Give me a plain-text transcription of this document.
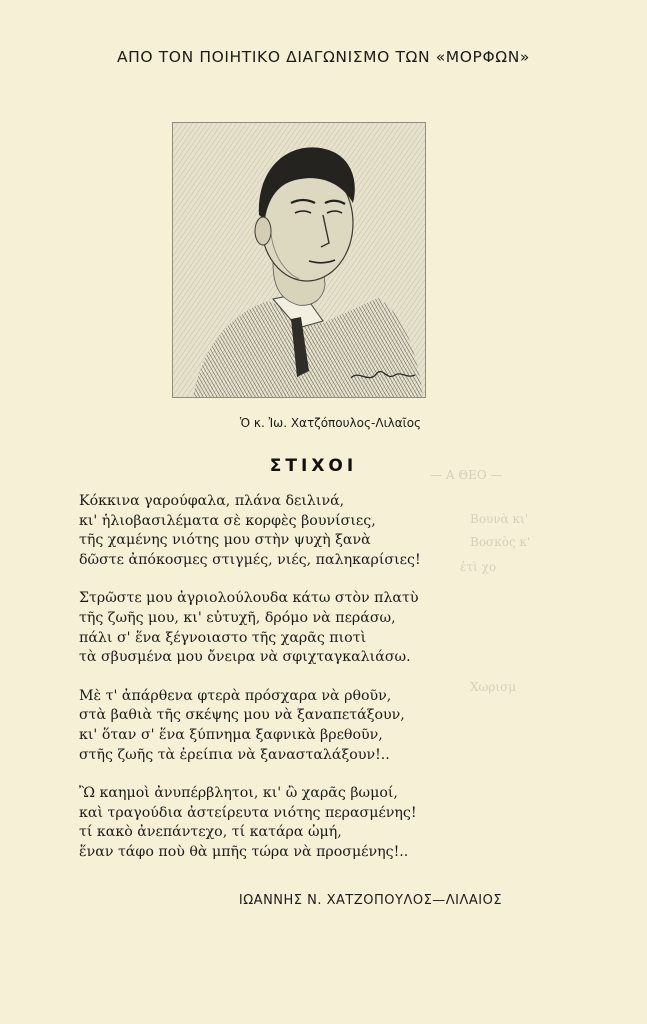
— Α ΘΕΟ —
Βουνὰ κι'
Βοσκὸς κ'
ἑτὶ χο
Χωρισμ
ΑΠΟ ΤΟΝ ΠΟΙΗΤΙΚΟ ΔΙΑΓΩΝΙΣΜΟ ΤΩΝ «ΜΟΡΦΩΝ»
Ὁ κ. Ἰω. Χατζόπουλος-Λιλαῖος
ΣΤΙΧΟΙ
Κόκκινα γαρούφαλα, πλάνα δειλινά,
κι' ἡλιοβασιλέματα σὲ κορφὲς βουνίσιες,
τῆς χαμένης νιότης μου στὴν ψυχὴ ξανὰ
δῶστε ἀπόκοσμες στιγμές, νιές, παληκαρίσιες!
Στρῶστε μου ἀγριολούλουδα κάτω στὸν πλατὺ
τῆς ζωῆς μου, κι' εὐτυχῆ, δρόμο νὰ περάσω,
πάλι σ' ἕνα ξέγνοιαστο τῆς χαρᾶς πιοτὶ
τὰ σβυσμένα μου ὄνειρα νὰ σφιχταγκαλιάσω.
Μὲ τ' ἀπάρθενα φτερὰ πρόσχαρα νὰ ρθοῦν,
στὰ βαθιὰ τῆς σκέψης μου νὰ ξαναπετάξουν,
κι' ὅταν σ' ἕνα ξύπνημα ξαφνικὰ βρεθοῦν,
στῆς ζωῆς τὰ ἐρείπια νὰ ξανασταλάξουν!..
Ὢ καημοὶ ἀνυπέρβλητοι, κι' ὢ χαρᾶς βωμοί,
καὶ τραγούδια ἀστείρευτα νιότης περασμένης!
τί κακὸ ἀνεπάντεχο, τί κατάρα ὠμή,
ἕναν τάφο ποὺ θὰ μπῆς τώρα νὰ προσμένης!..
ΙΩΑΝΝΗΣ Ν. ΧΑΤΖΟΠΟΥΛΟΣ—ΛΙΛΑΙΟΣ
